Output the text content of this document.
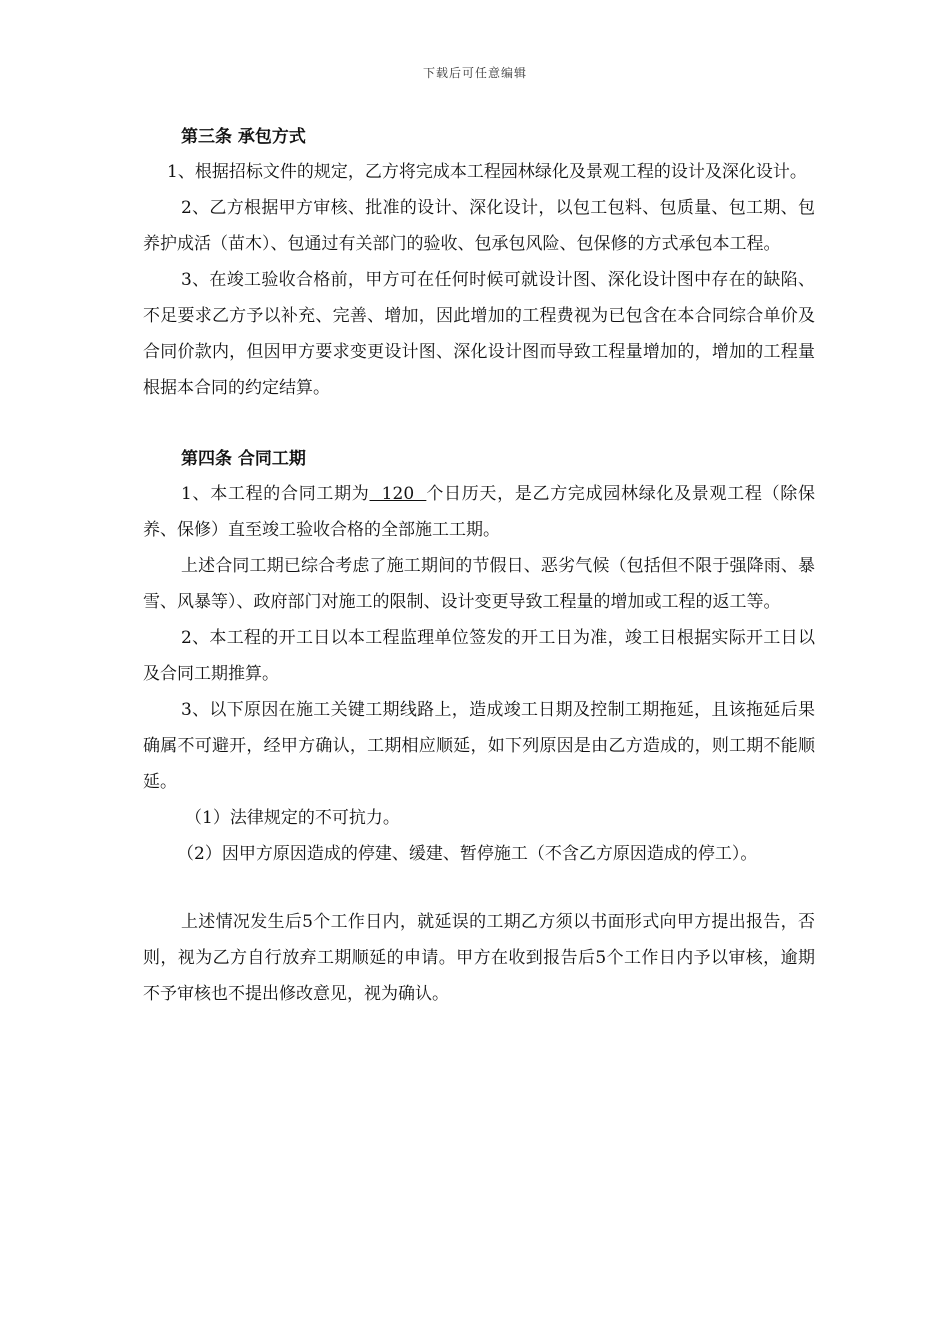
下载后可任意编辑
第三条 承包方式
1、根据招标文件的规定，乙方将完成本工程园林绿化及景观工程的设计及深化设计。
2、乙方根据甲方审核、批准的设计、深化设计，以包工包料、包质量、包工期、包养护成活（苗木）、包通过有关部门的验收、包承包风险、包保修的方式承包本工程。
3、在竣工验收合格前，甲方可在任何时候可就设计图、深化设计图中存在的缺陷、不足要求乙方予以补充、完善、增加，因此增加的工程费视为已包含在本合同综合单价及合同价款内，但因甲方要求变更设计图、深化设计图而导致工程量增加的，增加的工程量根据本合同的约定结算。
第四条 合同工期
1、本工程的合同工期为  120  个日历天，是乙方完成园林绿化及景观工程（除保养、保修）直至竣工验收合格的全部施工工期。
上述合同工期已综合考虑了施工期间的节假日、恶劣气候（包括但不限于强降雨、暴雪、风暴等）、政府部门对施工的限制、设计变更导致工程量的增加或工程的返工等。
2、本工程的开工日以本工程监理单位签发的开工日为准，竣工日根据实际开工日以及合同工期推算。
3、以下原因在施工关键工期线路上，造成竣工日期及控制工期拖延，且该拖延后果确属不可避开，经甲方确认，工期相应顺延，如下列原因是由乙方造成的，则工期不能顺延。
（1）法律规定的不可抗力。
（2）因甲方原因造成的停建、缓建、暂停施工（不含乙方原因造成的停工）。
上述情况发生后5个工作日内，就延误的工期乙方须以书面形式向甲方提出报告，否则，视为乙方自行放弃工期顺延的申请。甲方在收到报告后5个工作日内予以审核，逾期不予审核也不提出修改意见，视为确认。
